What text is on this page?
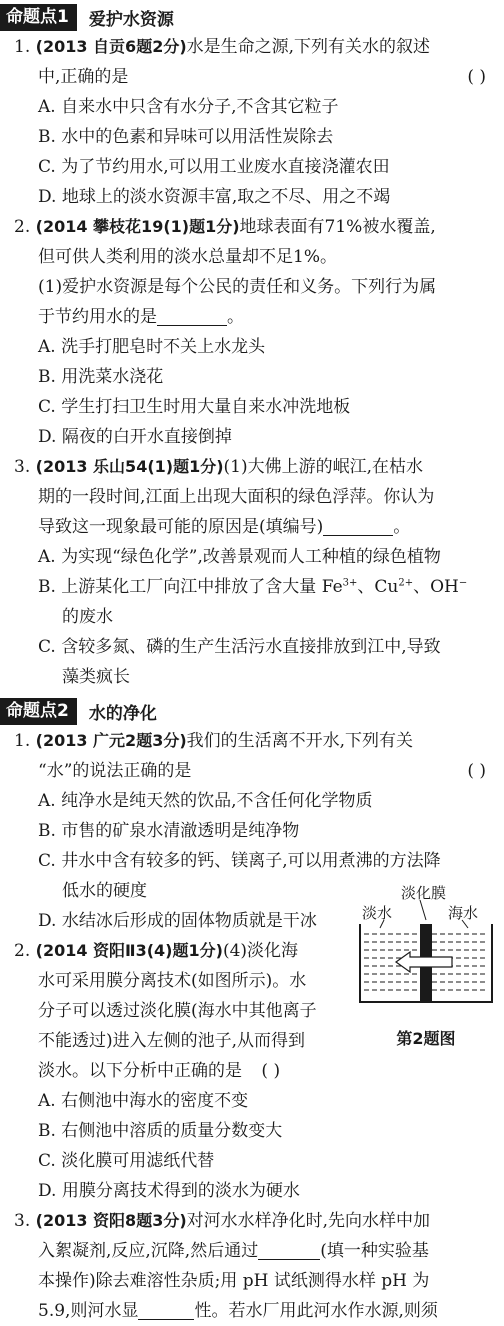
命题点1	爱护水资源
1. (2013 自贡6题2分)水是生命之源,下列有关水的叙述
中,正确的是	( )
A. 自来水中只含有水分子,不含其它粒子
B. 水中的色素和异味可以用活性炭除去
C. 为了节约用水,可以用工业废水直接浇灌农田
D. 地球上的淡水资源丰富,取之不尽、用之不竭
2. (2014 攀枝花19(1)题1分)地球表面有71%被水覆盖,
但可供人类利用的淡水总量却不足1%。
(1)爱护水资源是每个公民的责任和义务。下列行为属
于节约用水的是	。
A. 洗手打肥皂时不关上水龙头
B. 用洗菜水浇花
C. 学生打扫卫生时用大量自来水冲洗地板
D. 隔夜的白开水直接倒掉
3. (2013 乐山54(1)题1分)(1)大佛上游的岷江,在枯水
期的一段时间,江面上出现大面积的绿色浮萍。你认为
导致这一现象最可能的原因是(填编号)	。
A. 为实现“绿色化学”,改善景观而人工种植的绿色植物
B. 上游某化工厂向江中排放了含大量 $Fe^{3+}$、$Cu^{2+}$、OH−
的废水
C. 含较多氮、磷的生产生活污水直接排放到江中,导致
藻类疯长
命题点2	水的净化
1. (2013 广元2题3分)我们的生活离不开水,下列有关
“水”的说法正确的是	( )
A. 纯净水是纯天然的饮品,不含任何化学物质
B. 市售的矿泉水清澈透明是纯净物
C. 井水中含有较多的钙、镁离子,可以用煮沸的方法降
低水的硬度
D. 水结冰后形成的固体物质就是干冰
2. (2014 资阳Ⅱ3(4)题1分)(4)淡化海
水可采用膜分离技术(如图所示)。水
分子可以透过淡化膜(海水中其他离子
不能透过)进入左侧的池子,从而得到
淡水。以下分析中正确的是 ( )
A. 右侧池中海水的密度不变
B. 右侧池中溶质的质量分数变大
C. 淡化膜可用滤纸代替
D. 用膜分离技术得到的淡水为硬水
3. (2013 资阳8题3分)对河水水样净化时,先向水样中加
入絮凝剂,反应,沉降,然后通过	(填一种实验基
本操作)除去难溶性杂质;用 pH 试纸测得水样 pH 为
5.9,则河水显	性。若水厂用此河水作水源,则须
淡化膜
淡水	海水
第2题图
